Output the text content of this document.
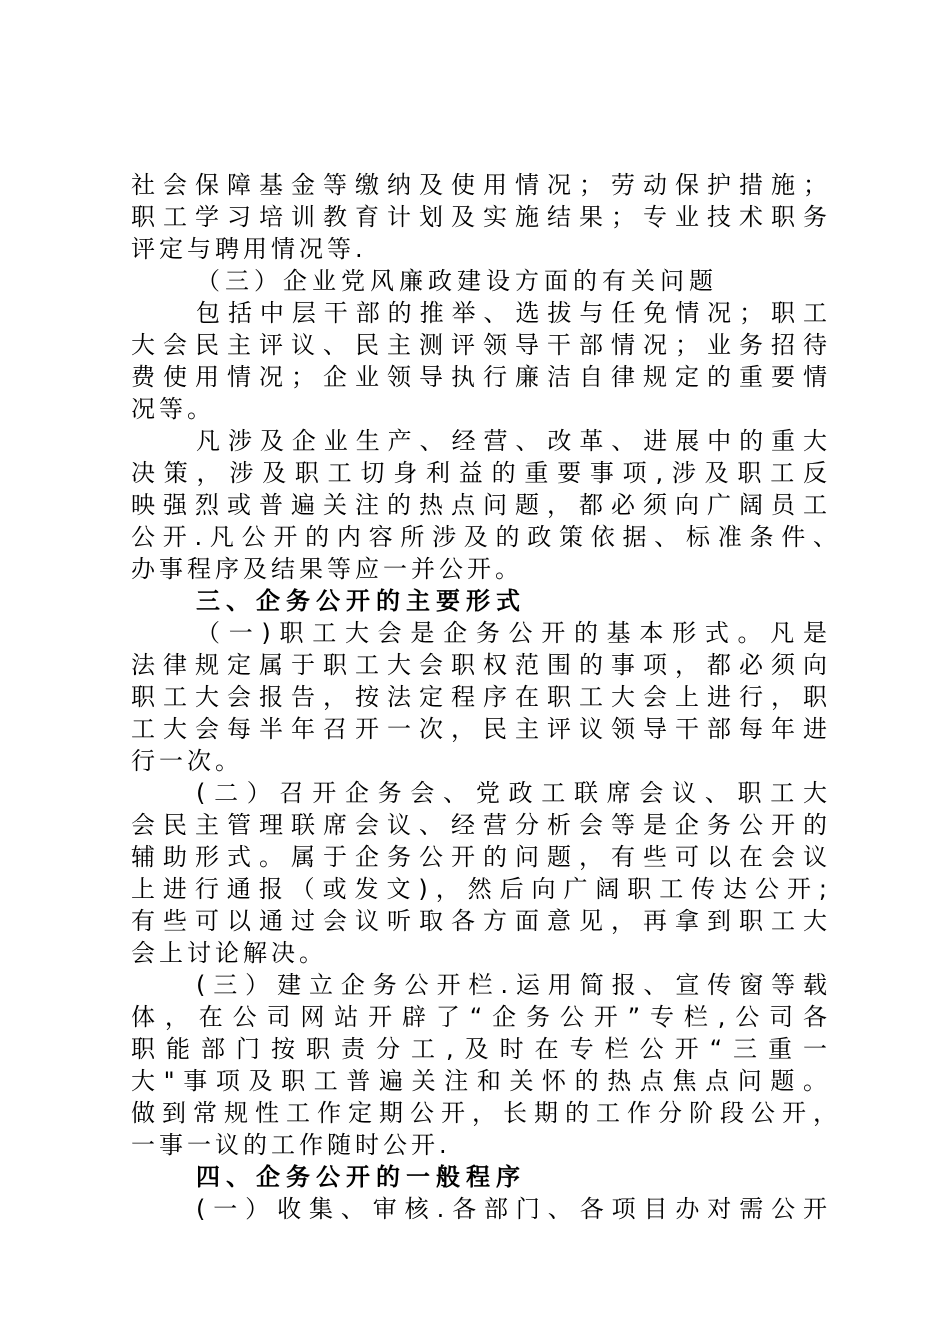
社会保障基金等缴纳及使用情况；劳动保护措施；
职工学习培训教育计划及实施结果；专业技术职务
评定与聘用情况等.
（三）企业党风廉政建设方面的有关问题
包括中层干部的推举、选拔与任免情况；职工
大会民主评议、民主测评领导干部情况；业务招待
费使用情况；企业领导执行廉洁自律规定的重要情
况等。
凡涉及企业生产、经营、改革、进展中的重大
决策，涉及职工切身利益的重要事项,涉及职工反
映强烈或普遍关注的热点问题，都必须向广阔员工
公开.凡公开的内容所涉及的政策依据、标准条件、
办事程序及结果等应一并公开。
三、企务公开的主要形式
（一)职工大会是企务公开的基本形式。凡是
法律规定属于职工大会职权范围的事项，都必须向
职工大会报告，按法定程序在职工大会上进行，职
工大会每半年召开一次，民主评议领导干部每年进
行一次。
(二）召开企务会、党政工联席会议、职工大
会民主管理联席会议、经营分析会等是企务公开的
辅助形式。属于企务公开的问题，有些可以在会议
上进行通报（或发文)，然后向广阔职工传达公开;
有些可以通过会议听取各方面意见，再拿到职工大
会上讨论解决。
(三）建立企务公开栏.运用简报、宣传窗等载
体，在公司网站开辟了“企务公开”专栏,公司各
职能部门按职责分工,及时在专栏公开“三重一
大"事项及职工普遍关注和关怀的热点焦点问题。
做到常规性工作定期公开，长期的工作分阶段公开，
一事一议的工作随时公开.
四、企务公开的一般程序
(一）收集、审核.各部门、各项目办对需公开
